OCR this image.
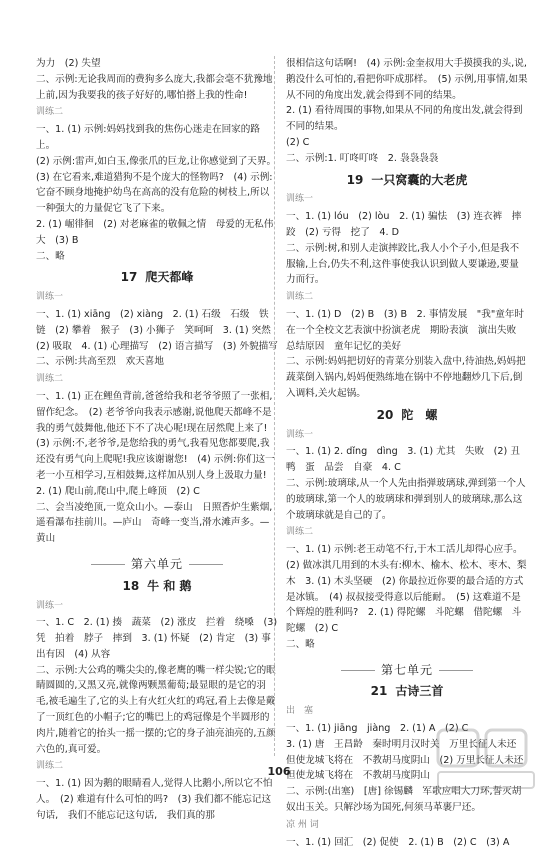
为力　(2) 失望

二、示例:无论我周而的费狗多么庞大,我都会毫不犹豫地上前,因为我要我的孩子好好的,哪怕搭上我的性命!

训练二

一、1. (1) 示例:妈妈找到我的焦伤心迷走在回家的路上。

(2) 示例:雷声,如白玉,像张爪的巨龙,让你感觉到了天界。　(3) 在它看来,难道猎狗不是个庞大的怪物吗?　(4) 示例:它奋不顾身地掩护幼鸟在高高的没有危险的树枝上,所以一种强大的力量促它飞了下来。

2. (1) 崛徘徊　(2) 对老麻雀的敬佩之情　母爱的无私伟大　(3) B

二、略

17 爬天都峰
训练一

一、1. (1) xiāng　(2) xiàng　2. (1) 石级　石级　铁链　(2) 攀着　猴子　(3) 小狮子　笑呵呵　3. (1) 突然　(2) 吸取　4. (1) 心理描写　(2) 语言描写　(3) 外貌描写

二、示例:共高至烈　欢天喜地

训练二

一、1. (1) 正在鲤鱼背前,爸爸给我和老爷爷照了一张相,留作纪念。　(2) 老爷爷向我表示感谢,说他爬天都峰不是我的勇气鼓舞他,他还下不了决心呢!现在居然爬上来了!

(3) 示例:不,老爷爷,是您给我的勇气,我看见您都要爬,我还没有勇气向上爬呢!我应该谢谢您!　(4) 示例:你们这一老一小互相学习,互相鼓舞,这样加从别人身上汲取力量!　2. (1) 爬山前,爬山中,爬上峰顶　(2) C

二、会当凌绝顶,一览众山小。—泰山　日照香炉生紫烟,遥看瀑布挂前川。—庐山　奇峰一变当,滑水滩声多。—黄山

第六单元
18 牛 和 鹅
训练一

一、1. C　2. (1) 揍　蔬菜　(2) 涨皮　拦着　绕嗓　(3) 凭　拍着　脖子　摔到　3. (1) 怀疑　(2) 肯定　(3) 事出有因　(4) 从容

二、示例:大公鸡的嘴尖尖的,像老鹰的嘴一样尖锐;它的眼睛圆圆的,又黑又亮,就像两颗黑葡萄;最显眼的是它的羽毛,被毛遍生了,它的头上有火红火红的鸡冠,看上去像是戴了一顶红色的小帽子;它的嘴巴上的鸡冠像是个半圆形的肉片,随着它的抬头一摇一摆的;它的身子油亮油亮的,五颜六色的,真可爱。

训练二

一、1. (1) 因为鹅的眼睛看人,觉得人比鹅小,所以它不怕人。　(2) 难道有什么可怕的吗?　(3) 我们都不能忘记这句话,　我们不能忘记这句话,　我们真的那

很相信这句话啊!　(4) 示例:金奎叔用大手摸摸我的头,说,鹅没什么可怕的,看把你吓成那样。　(5) 示例,用事情,如果从不同的角度出发,就会得到不同的结果。

2. (1) 看待周围的事物,如果从不同的角度出发,就会得到不同的结果。

(2) C

二、示例:1. 叮咚叮咚　2. 袅袅袅袅

19 一只窝囊的大老虎
训练一

一、1. (1) lóu　(2) lòu　2. (1) 骗怯　(3) 连衣裤　摔跤　(2) 亏得　挖了　4. D

二、示例:树,和别人走演摔跤比,我人小个子小,但是我不服输,上台,仍失不利,这件事使我认识到做人要谦逊,要量力而行。

训练二

一、1. (1) D　(2) B　(3) B　2. 事情发展　"我"童年时在一个全校文艺表演中扮演老虎　期盼表演　演出失败　总结原因　童年记忆的美好

二、示例:妈妈把切好的青菜分别装入盘中,待油热,妈妈把蔬菜倒入锅内,妈妈便熟练地在锅中不停地翻炒几下后,倒入调料,关火起锅。

20 陀　螺
训练一

一、1. (1) 2. dǐng　dìng　3. (1) 尤其　失败　(2) 丑鸭　蛋　品尝　自豪　4. C

二、示例:玻璃球,从一个人先由指弹玻璃球,弹到第一个人的玻璃球,第一个人的玻璃球和弹到别人的玻璃球,那么这个玻璃球就是自己的了。

训练二

一、1. (1) 示例:老王动笔不行,于木工活儿却得心应手。　(2) 做冰淇几用到的木头有:柳木、榆木、松木、枣木、梨木　3. (1) 木头坚硬　(2) 你最拉近你要的最合适的方式是冰镇。　(4) 叔叔接受得意以后能耐。　(5) 这难道不是个辉煌的胜利吗?　2. (1) 得陀螺　斗陀螺　借陀螺　斗陀螺　(2) C

二、略

第七单元
21 古诗三首
出　塞

一、1. (1) jiāng　jiàng　2. (1) A　(2) C

3. (1) 唐　王昌龄　秦时明月汉时关　万里长征人未还　但使龙城飞将在　不教胡马度阴山　(2) 万里长征人未还　但使龙城飞将在　不教胡马度阴山

二、示例:(出塞)　[唐] 徐锡麟　军歌应唱大刀环,誓灭胡奴出玉关。只解沙场为国死,何须马革裹尸还。

凉 州 词

一、1. (1) 回汇　(2) 促使　2. (1) B　(2) C　(3) A

106
